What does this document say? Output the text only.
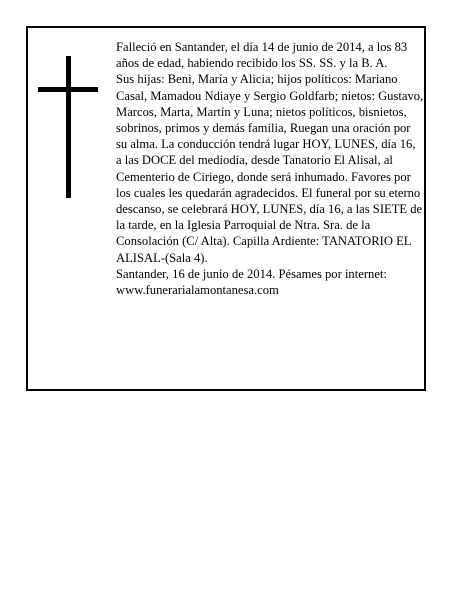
Falleció en Santander, el día 14 de junio de 2014, a los 83 años de edad, habiendo recibido los SS. SS. y la B. A.

Sus hijas: Beni, María y Alicia; hijos políticos: Mariano Casal, Mamadou Ndiaye y Sergio Goldfarb; nietos: Gustavo, Marcos, Marta, Martín y Luna; nietos políticos, bisnietos, sobrinos, primos y demás familia, Ruegan una oración por su alma. La conducción tendrá lugar HOY, LUNES, día 16, a las DOCE del mediodía, desde Tanatorio El Alisal, al Cementerio de Ciriego, donde será inhumado. Favores por los cuales les quedarán agradecidos. El funeral por su eterno descanso, se celebrará HOY, LUNES, día 16, a las SIETE de la tarde, en la Iglesia Parroquial de Ntra. Sra. de la Consolación (C/ Alta). Capilla Ardiente: TANATORIO EL ALISAL-(Sala 4).

Santander, 16 de junio de 2014. Pésames por internet: www.funerarialamontanesa.com
